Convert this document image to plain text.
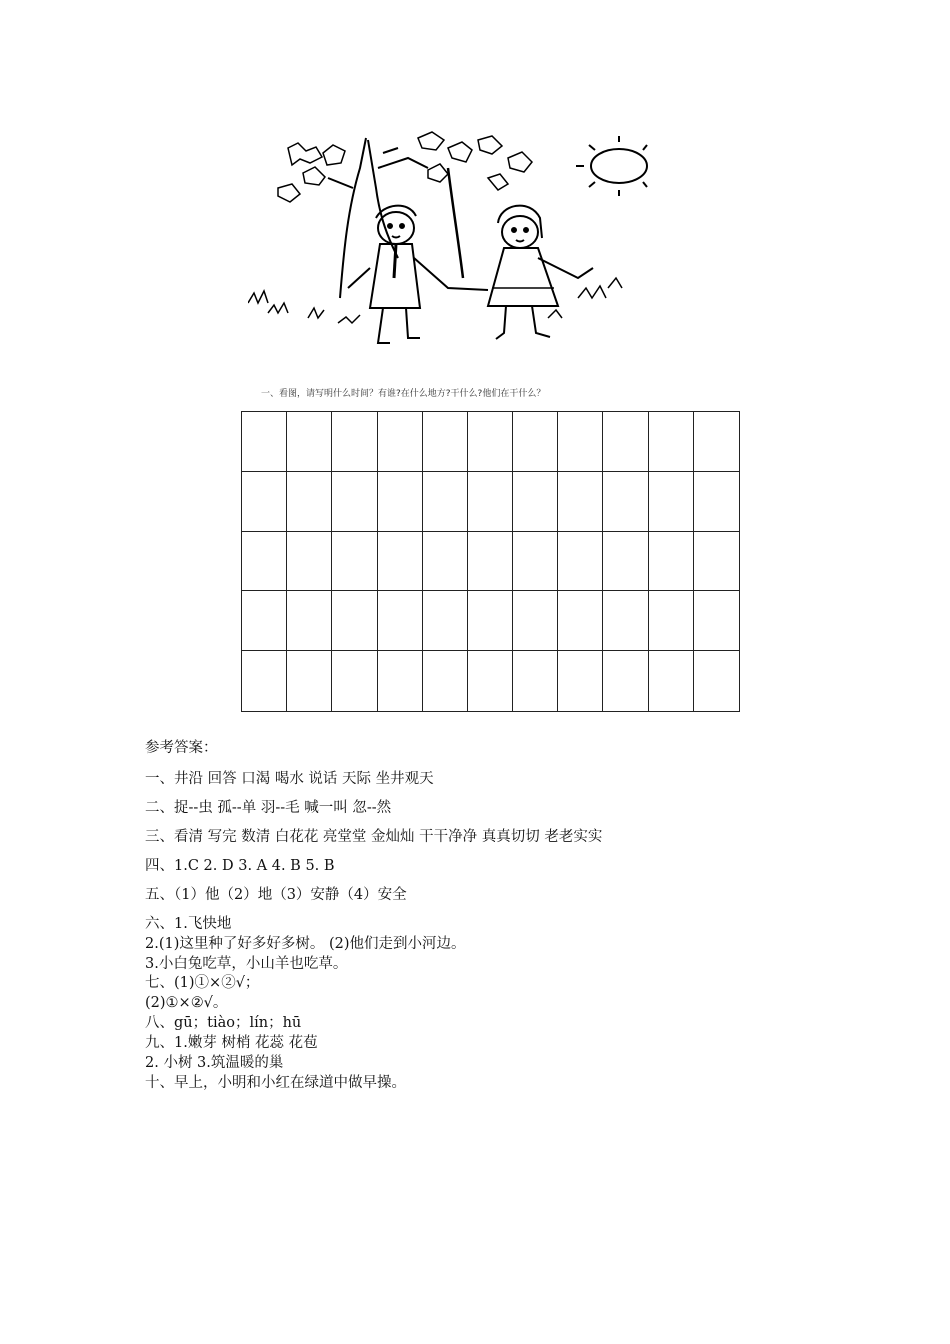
一、看图，请写明什么时间？有谁?在什么地方?干什么?他们在干什么？
参考答案：
一、井沿 回答 口渴 喝水 说话 天际 坐井观天
二、捉--虫 孤--单 羽--毛 喊一叫 忽--然
三、看清 写完 数清 白花花 亮堂堂 金灿灿 干干净净 真真切切 老老实实
四、1.C 2. D 3. A 4. B 5. B
五、（1）他（2）地（3）安静（4）安全
六、1.飞快地
2.(1)这里种了好多好多树。 (2)他们走到小河边。
3.小白兔吃草，小山羊也吃草。
七、(1)①×②√；
(2)①×②√。
八、gū；tiào；lín；hū
九、1.嫩芽 树梢 花蕊 花苞
2. 小树 3.筑温暖的巢
十、早上，小明和小红在绿道中做早操。
